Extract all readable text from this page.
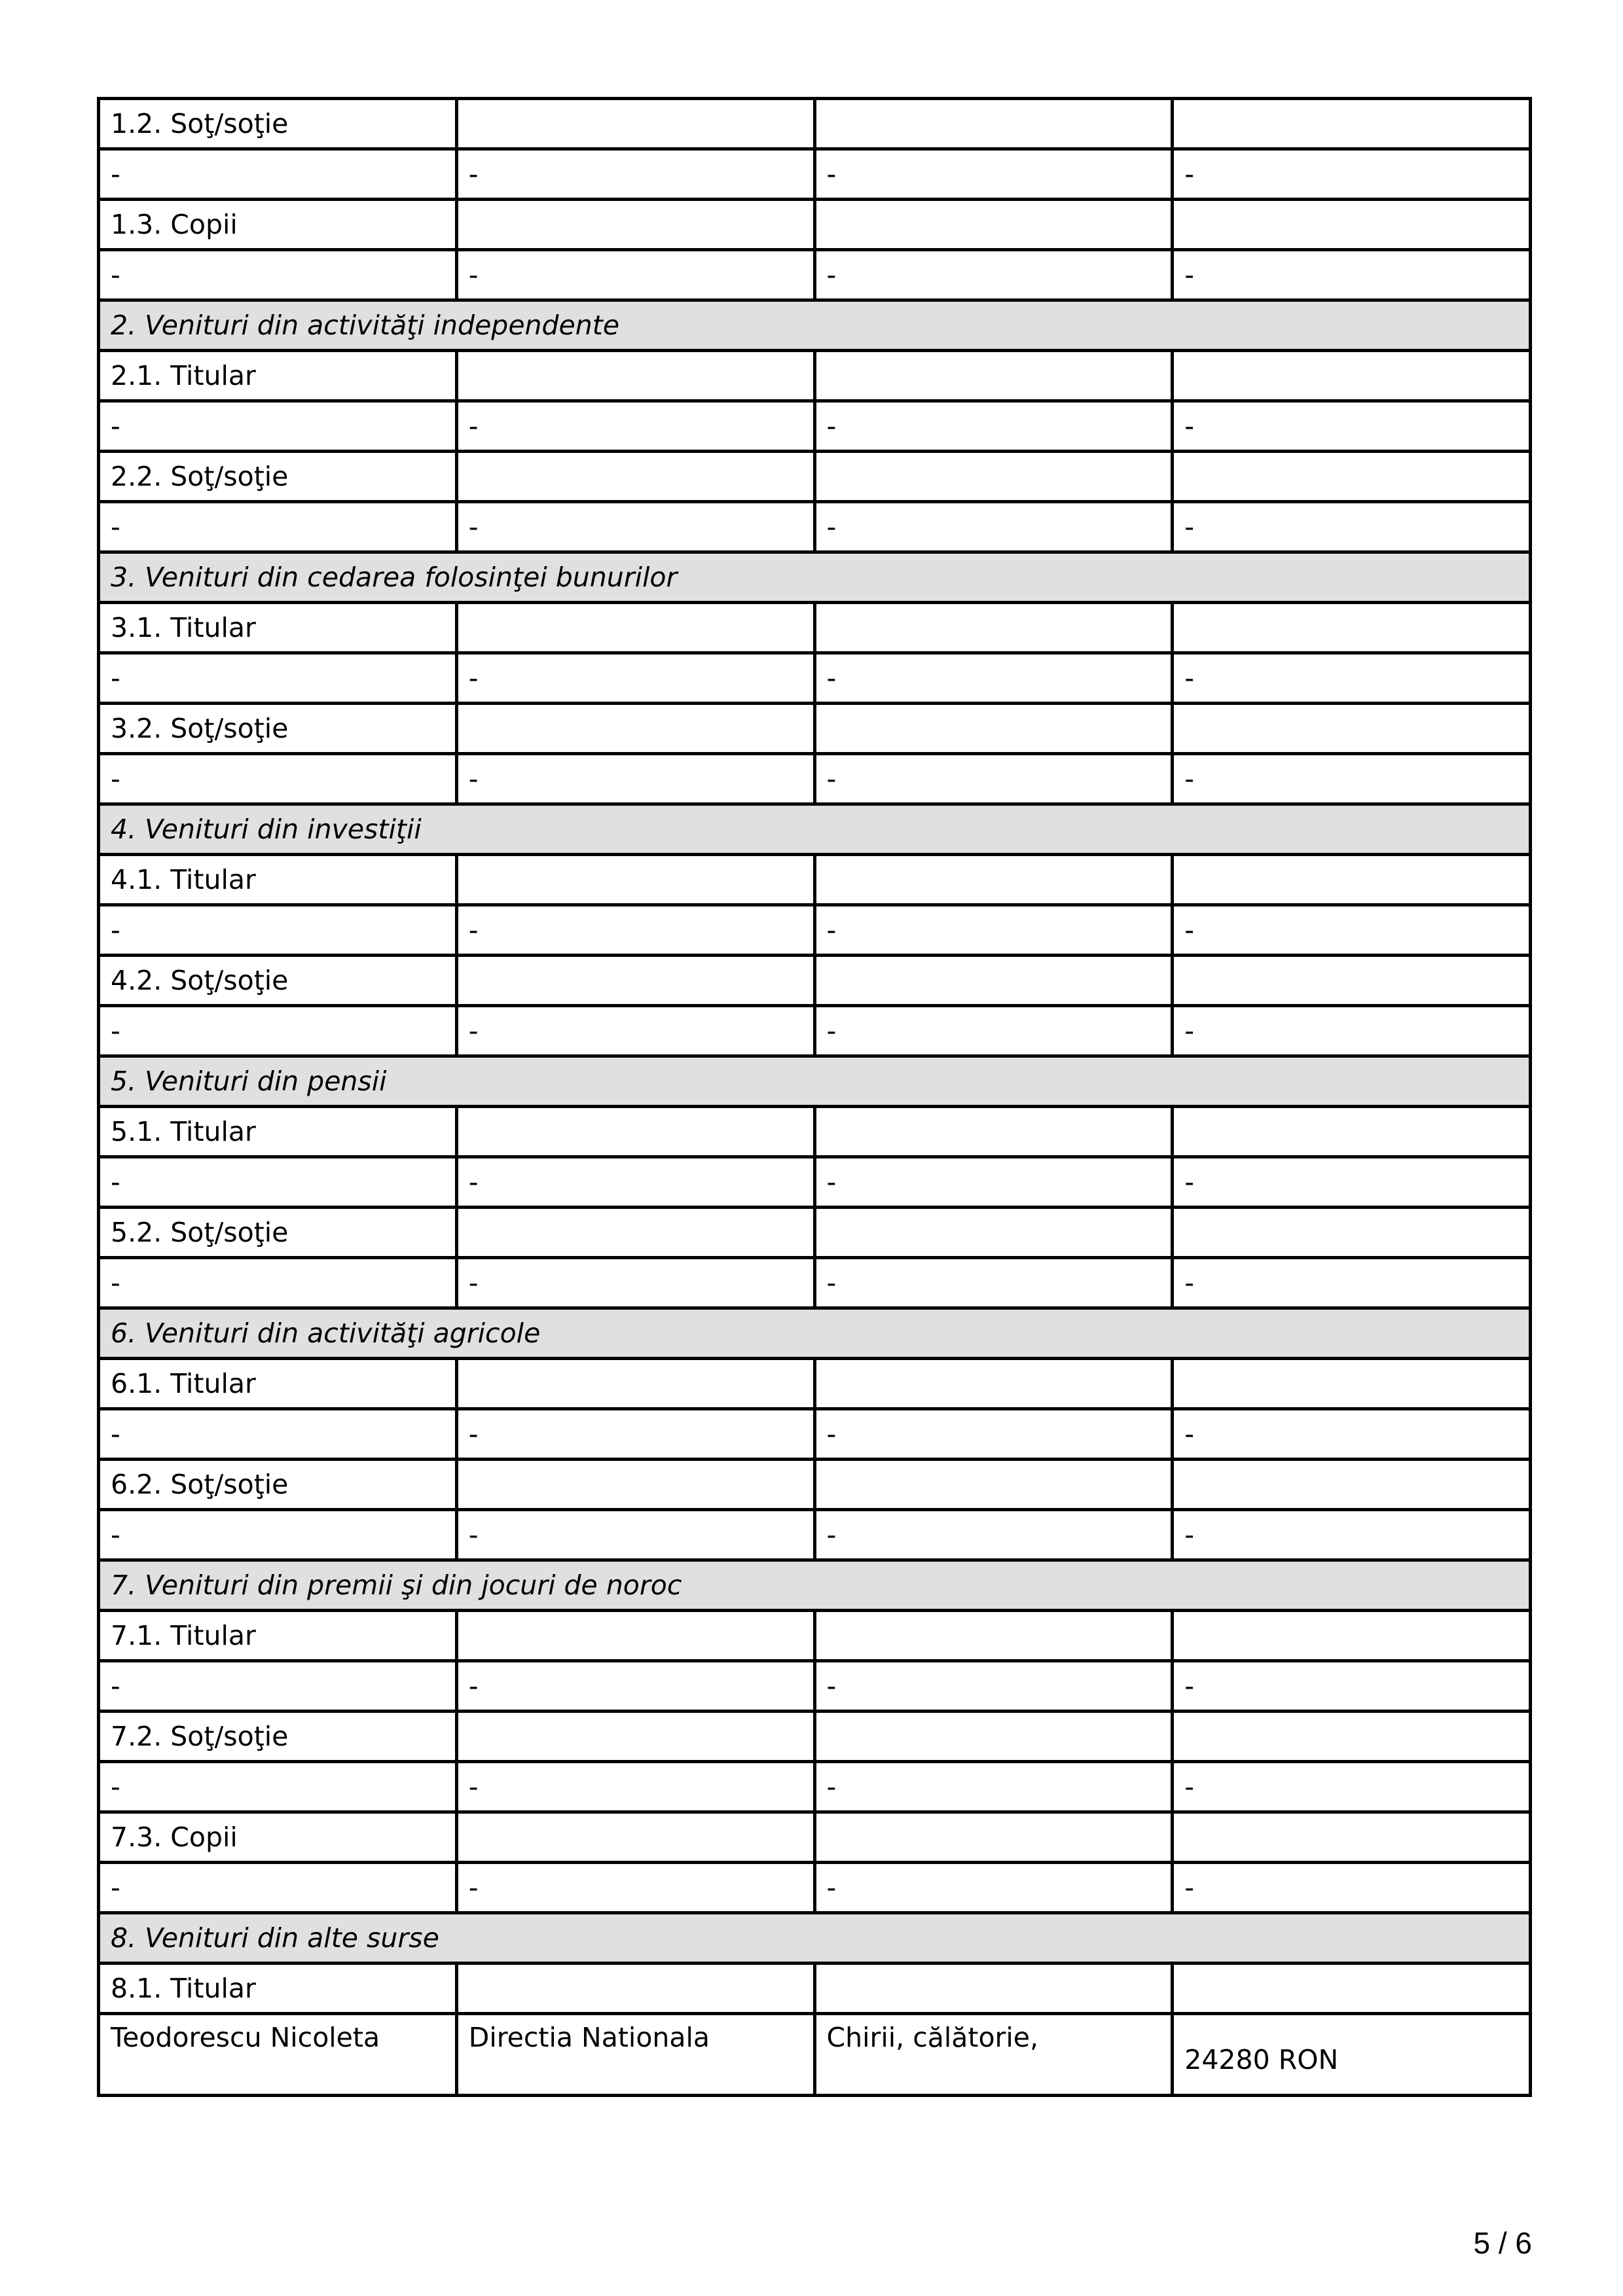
1.2. Soţ/soţie			
-	-	-	-
1.3. Copii			
-	-	-	-
2. Venituri din activităţi independente			
2.1. Titular			
-	-	-	-
2.2. Soţ/soţie			
-	-	-	-
3. Venituri din cedarea folosinţei bunurilor			
3.1. Titular			
-	-	-	-
3.2. Soţ/soţie			
-	-	-	-
4. Venituri din investiţii			
4.1. Titular			
-	-	-	-
4.2. Soţ/soţie			
-	-	-	-
5. Venituri din pensii			
5.1. Titular			
-	-	-	-
5.2. Soţ/soţie			
-	-	-	-
6. Venituri din activităţi agricole			
6.1. Titular			
-	-	-	-
6.2. Soţ/soţie			
-	-	-	-
7. Venituri din premii şi din jocuri de noroc			
7.1. Titular			
-	-	-	-
7.2. Soţ/soţie			
-	-	-	-
7.3. Copii			
-	-	-	-
8. Venituri din alte surse			
8.1. Titular			
Teodorescu Nicoleta	Directia Nationala	Chirii, călătorie,	24280 RON
5 / 6
